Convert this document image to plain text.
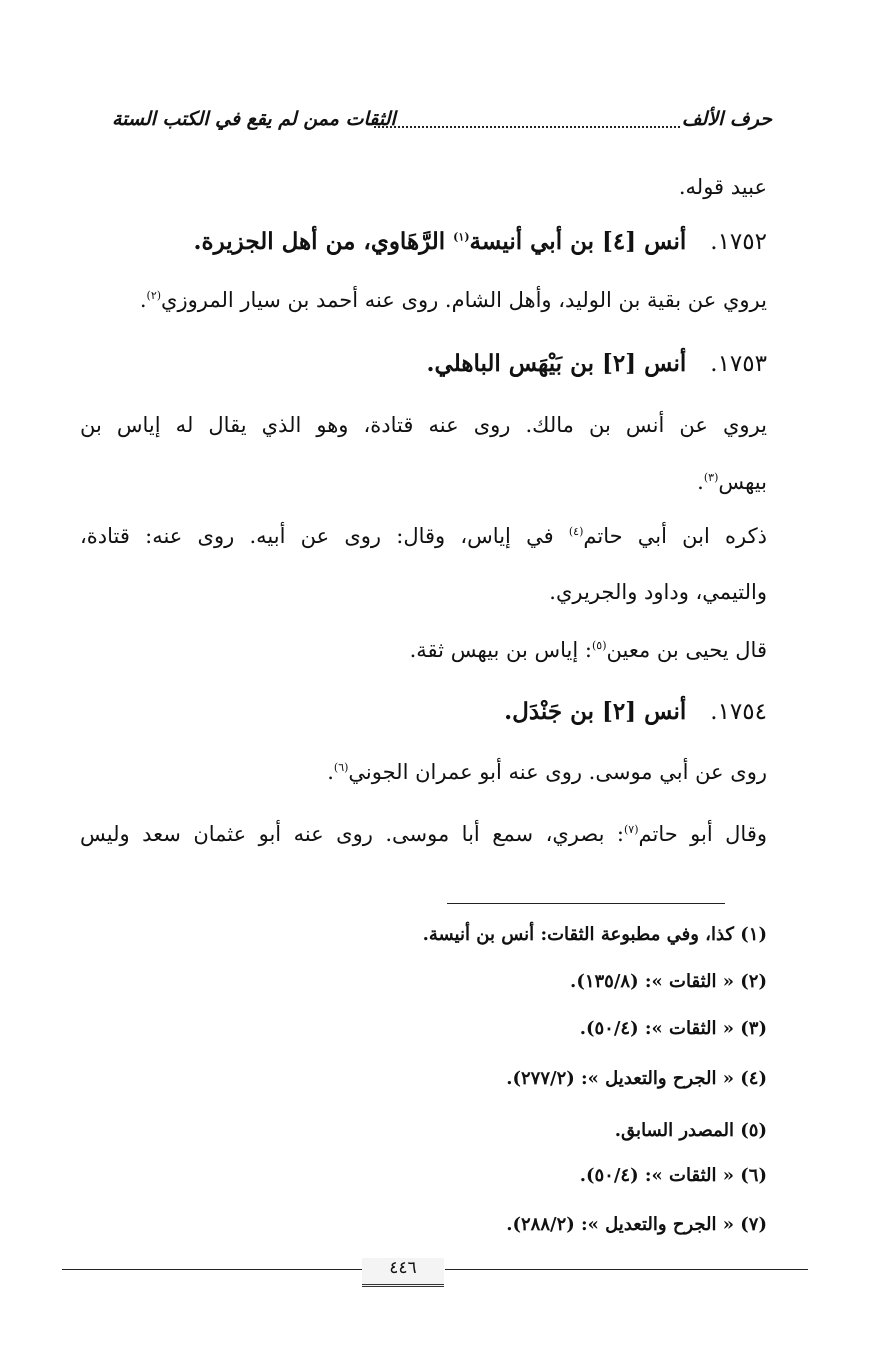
حرف الألف
الثقات ممن لم يقع في الكتب الستة
عبيد قوله.
١٧٥٢.أنس [٤] بن أبي أنيسة$^{(١)}$ الرَّهَاوي، من أهل الجزيرة.
يروي عن بقية بن الوليد، وأهل الشام. روى عنه أحمد بن سيار المروزي$^{(٢)}$.
١٧٥٣.أنس [٢] بن بَيْهَس الباهلي.
يروي عن أنس بن مالك. روى عنه قتادة، وهو الذي يقال له إياس بن
بيهس$^{(٣)}$.
ذكره ابن أبي حاتم$^{(٤)}$ في إياس، وقال: روى عن أبيه. روى عنه: قتادة،
والتيمي، وداود والجريري.
قال يحيى بن معين$^{(٥)}$: إياس بن بيهس ثقة.
١٧٥٤.أنس [٢] بن جَنْدَل.
روى عن أبي موسى. روى عنه أبو عمران الجوني$^{(٦)}$.
وقال أبو حاتم$^{(٧)}$: بصري، سمع أبا موسى. روى عنه أبو عثمان سعد وليس
(١) كذا، وفي مطبوعة الثقات: أنس بن أنيسة.
(٢) « الثقات »: (١٣٥/٨).
(٣) « الثقات »: (٥٠/٤).
(٤) « الجرح والتعديل »: (٢٧٧/٢).
(٥) المصدر السابق.
(٦) « الثقات »: (٥٠/٤).
(٧) « الجرح والتعديل »: (٢٨٨/٢).
٤٤٦
